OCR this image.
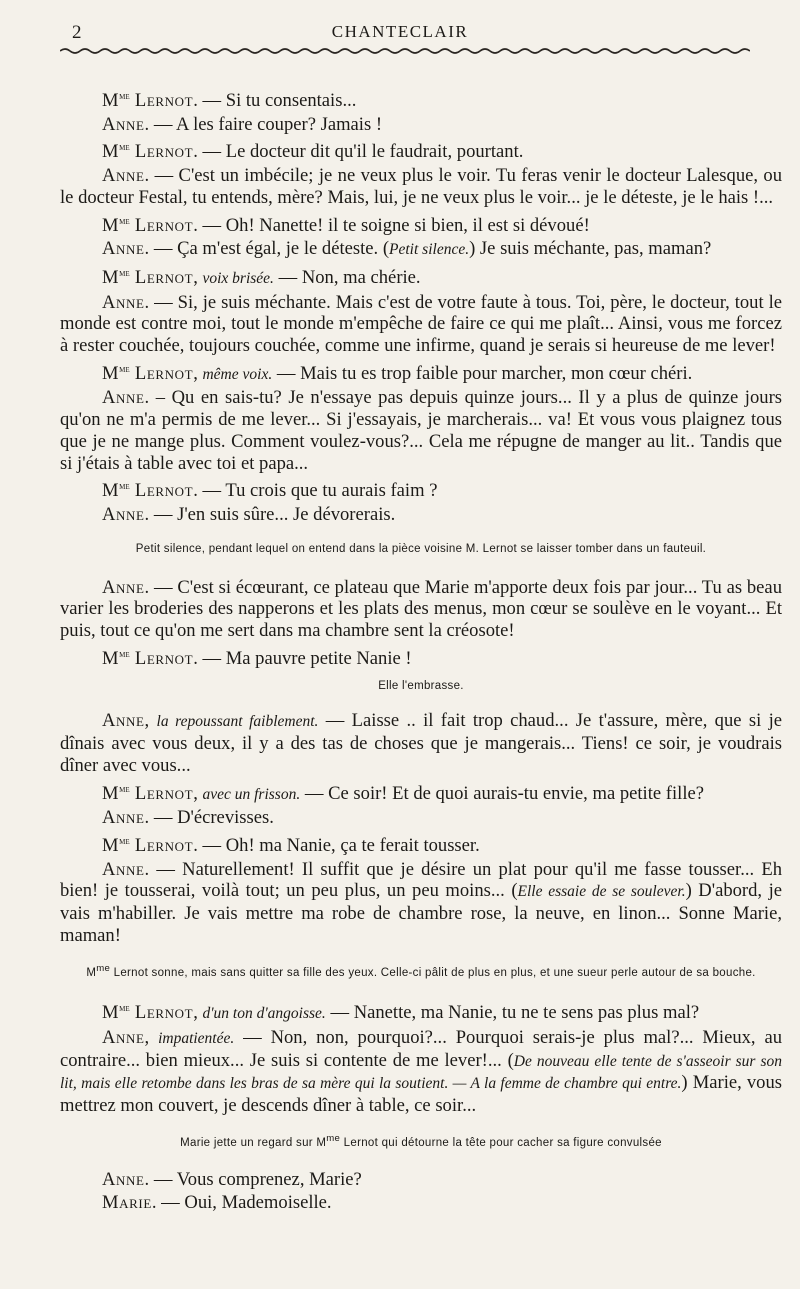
2	CHANTECLAIR

$M^{me}$ Lernot. — Si tu consentais...

Anne. — A les faire couper? Jamais !

$M^{me}$ Lernot. — Le docteur dit qu'il le faudrait, pourtant.

Anne. — C'est un imbécile; je ne veux plus le voir. Tu feras venir le docteur Lalesque, ou le docteur Festal, tu entends, mère? Mais, lui, je ne veux plus le voir... je le déteste, je le hais !...

$M^{me}$ Lernot. — Oh! Nanette! il te soigne si bien, il est si dévoué!

Anne. — Ça m'est égal, je le déteste. (Petit silence.) Je suis méchante, pas, maman?

$M^{me}$ Lernot, voix brisée. — Non, ma chérie.

Anne. — Si, je suis méchante. Mais c'est de votre faute à tous. Toi, père, le docteur, tout le monde est contre moi, tout le monde m'empêche de faire ce qui me plaît... Ainsi, vous me forcez à rester couchée, toujours couchée, comme une infirme, quand je serais si heureuse de me lever!

$M^{me}$ Lernot, même voix. — Mais tu es trop faible pour marcher, mon cœur chéri.

Anne. – Qu en sais-tu? Je n'essaye pas depuis quinze jours... Il y a plus de quinze jours qu'on ne m'a permis de me lever... Si j'essayais, je marcherais... va! Et vous vous plaignez tous que je ne mange plus. Comment voulez-vous?... Cela me répugne de manger au lit.. Tandis que si j'étais à table avec toi et papa...

$M^{me}$ Lernot. — Tu crois que tu aurais faim ?

Anne. — J'en suis sûre... Je dévorerais.

Petit silence, pendant lequel on entend dans la pièce voisine M. Lernot se laisser tomber dans un fauteuil.

Anne. — C'est si écœurant, ce plateau que Marie m'apporte deux fois par jour... Tu as beau varier les broderies des napperons et les plats des menus, mon cœur se soulève en le voyant... Et puis, tout ce qu'on me sert dans ma chambre sent la créosote!

$M^{me}$ Lernot. — Ma pauvre petite Nanie !

Elle l'embrasse.

Anne, la repoussant faiblement. — Laisse .. il fait trop chaud... Je t'assure, mère, que si je dînais avec vous deux, il y a des tas de choses que je mangerais... Tiens! ce soir, je voudrais dîner avec vous...

$M^{me}$ Lernot, avec un frisson. — Ce soir! Et de quoi aurais-tu envie, ma petite fille?

Anne. — D'écrevisses.

$M^{me}$ Lernot. — Oh! ma Nanie, ça te ferait tousser.

Anne. — Naturellement! Il suffit que je désire un plat pour qu'il me fasse tousser... Eh bien! je tousserai, voilà tout; un peu plus, un peu moins... (Elle essaie de se soulever.) D'abord, je vais m'habiller. Je vais mettre ma robe de chambre rose, la neuve, en linon... Sonne Marie, maman!

$M^{me}$ Lernot sonne, mais sans quitter sa fille des yeux. Celle-ci pâlit de plus en plus, et une sueur perle autour de sa bouche.

$M^{me}$ Lernot, d'un ton d'angoisse. — Nanette, ma Nanie, tu ne te sens pas plus mal?

Anne, impatientée. — Non, non, pourquoi?... Pourquoi serais-je plus mal?... Mieux, au contraire... bien mieux... Je suis si contente de me lever!... (De nouveau elle tente de s'asseoir sur son lit, mais elle retombe dans les bras de sa mère qui la soutient. — A la femme de chambre qui entre.) Marie, vous mettrez mon couvert, je descends dîner à table, ce soir...

Marie jette un regard sur $M^{me}$ Lernot qui détourne la tête pour cacher sa figure convulsée

Anne. — Vous comprenez, Marie?

Marie. — Oui, Mademoiselle.
